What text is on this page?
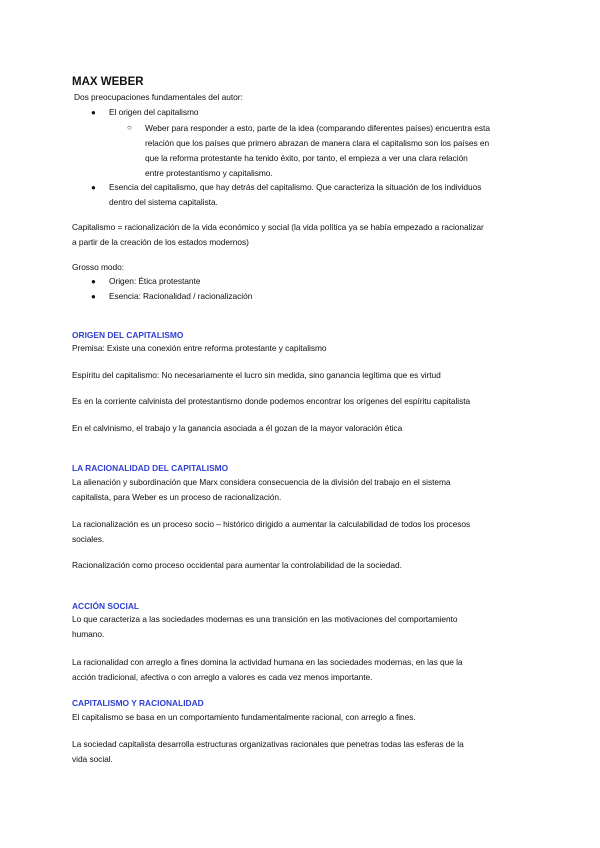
MAX WEBER
Dos preocupaciones fundamentales del autor:
● El origen del capitalismo
○ Weber para responder a esto, parte de la idea (comparando diferentes países) encuentra esta
relación que los países que primero abrazan de manera clara el capitalismo son los países en
que la reforma protestante ha tenido éxito, por tanto, el empieza a ver una clara relación
entre protestantismo y capitalismo.
● Esencia del capitalismo, que hay detrás del capitalismo. Que caracteriza la situación de los individuos
dentro del sistema capitalista.
Capitalismo = racionalización de la vida económico y social (la vida política ya se había empezado a racionalizar
a partir de la creación de los estados modernos)
Grosso modo:
● Origen: Ética protestante
● Esencia: Racionalidad / racionalización
ORIGEN DEL CAPITALISMO
Premisa: Existe una conexión entre reforma protestante y capitalismo
Espíritu del capitalismo: No necesariamente el lucro sin medida, sino ganancia legítima que es virtud
Es en la corriente calvinista del protestantismo donde podemos encontrar los orígenes del espíritu capitalista
En el calvinismo, el trabajo y la ganancia asociada a él gozan de la mayor valoración ética
LA RACIONALIDAD DEL CAPITALISMO
La alienación y subordinación que Marx considera consecuencia de la división del trabajo en el sistema
capitalista, para Weber es un proceso de racionalización.
La racionalización es un proceso socio – histórico dirigido a aumentar la calculabilidad de todos los procesos
sociales.
Racionalización como proceso occidental para aumentar la controlabilidad de la sociedad.
ACCIÓN SOCIAL
Lo que caracteriza a las sociedades modernas es una transición en las motivaciones del comportamiento
humano.
La racionalidad con arreglo a fines domina la actividad humana en las sociedades modernas, en las que la
acción tradicional, afectiva o con arreglo a valores es cada vez menos importante.
CAPITALISMO Y RACIONALIDAD
El capitalismo se basa en un comportamiento fundamentalmente racional, con arreglo a fines.
La sociedad capitalista desarrolla estructuras organizativas racionales que penetras todas las esferas de la
vida social.
